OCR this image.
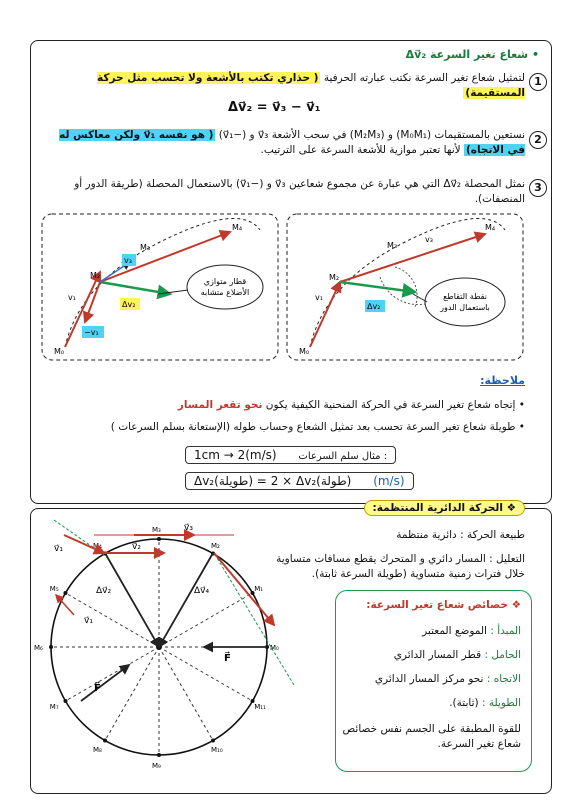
• شعاع تغير السرعة Δv⃗₂
1
لتمثيل شعاع تغير السرعة نكتب عبارته الحرفية ( حذاري تكتب بالأشعة ولا تحسب مثل حركة المستقيمة)
Δv⃗₂ = v⃗₃ − v⃗₁
2
نستعين بالمستقيمات (M₀M₁) و (M₂M₃) في سحب الأشعة v⃗₃ و (−v⃗₁) ( هو نفسه v⃗₁ ولكن معاكس له في الاتجاه) لأنها تعتبر موازية للأشعة السرعة على الترتيب.
3
نمثل المحصلة Δv⃗₂ التي هي عبارة عن مجموع شعاعين v⃗₃ و (−v⃗₁) بالاستعمال المحصلة (طريقة الدور أو المنصفات).
قطار متوازي
الأضلاع متشابه
v₃
Δv₂
−v₁
M₀
M₂
M₃
M₄
v₁	نقطة التقاطع
باستعمال الدور
Δv₂
M₀
M₂
M₃
M₄
v₁
v₃
ملاحظة:
• إتجاه شعاع تغير السرعة في الحركة المنحنية الكيفية يكون نحو تقعر المسار
• طويلة شعاع تغير السرعة تحسب بعد تمثيل الشعاع وحساب طوله (الإستعانة بسلم السرعات )
1cm → 2(m/s) مثال سلم السرعات :
Δv₂(طويلة) = 2 × Δv₂(طولة) (m/s)
❖ الحركة الدائرية المنتظمة:
طبيعة الحركة : دائرية منتظمة
التعليل : المسار دائري و المتحرك يقطع مسافات متساوية خلال فترات زمنية متساوية (طويلة السرعة ثابتة).
❖ خصائص شعاع تغير السرعة:
المبدأ : الموضع المعتبر
الحامل : قطر المسار الدائري
الاتجاه : نحو مركز المسار الدائري
الطويلة : (ثابتة).
للقوة المطبقة على الجسم نفس خصائص شعاع تغير السرعة.
M₃
M₂
M₁
M₀
M₁₁
M₁₀
M₉
M₈
M₇
M₆
M₅
M₄
v⃗₁	v⃗₂
v⃗₃
v⃗₁
Δv⃗₂	Δv⃗₄
F⃗
F⃗
